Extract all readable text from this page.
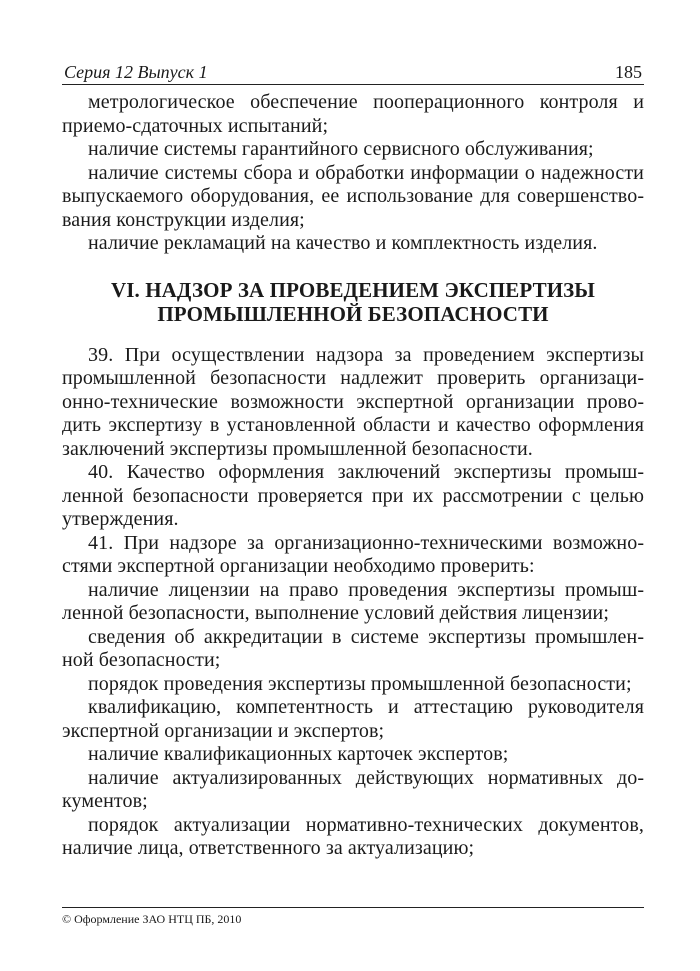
Серия 12 Выпуск 1	185

метрологическое обеспечение пооперационного контроля и приемо-сдаточных испытаний;

наличие системы гарантийного сервисного обслуживания;

наличие системы сбора и обработки информации о надежности выпускаемого оборудования, ее использование для совершенствования конструкции изделия;

наличие рекламаций на качество и комплектность изделия.

VI. НАДЗОР ЗА ПРОВЕДЕНИЕМ ЭКСПЕРТИЗЫ
ПРОМЫШЛЕННОЙ БЕЗОПАСНОСТИ

39. При осуществлении надзора за проведением экспертизы промышленной безопасности надлежит проверить организационно-технические возможности экспертной организации проводить экспертизу в установленной области и качество оформления заключений экспертизы промышленной безопасности.

40. Качество оформления заключений экспертизы промышленной безопасности проверяется при их рассмотрении с целью утверждения.

41. При надзоре за организационно-техническими возможностями экспертной организации необходимо проверить:

наличие лицензии на право проведения экспертизы промышленной безопасности, выполнение условий действия лицензии;

сведения об аккредитации в системе экспертизы промышленной безопасности;

порядок проведения экспертизы промышленной безопасности;

квалификацию, компетентность и аттестацию руководителя экспертной организации и экспертов;

наличие квалификационных карточек экспертов;

наличие актуализированных действующих нормативных документов;

порядок актуализации нормативно-технических документов, наличие лица, ответственного за актуализацию;

© Оформление ЗАО НТЦ ПБ, 2010
